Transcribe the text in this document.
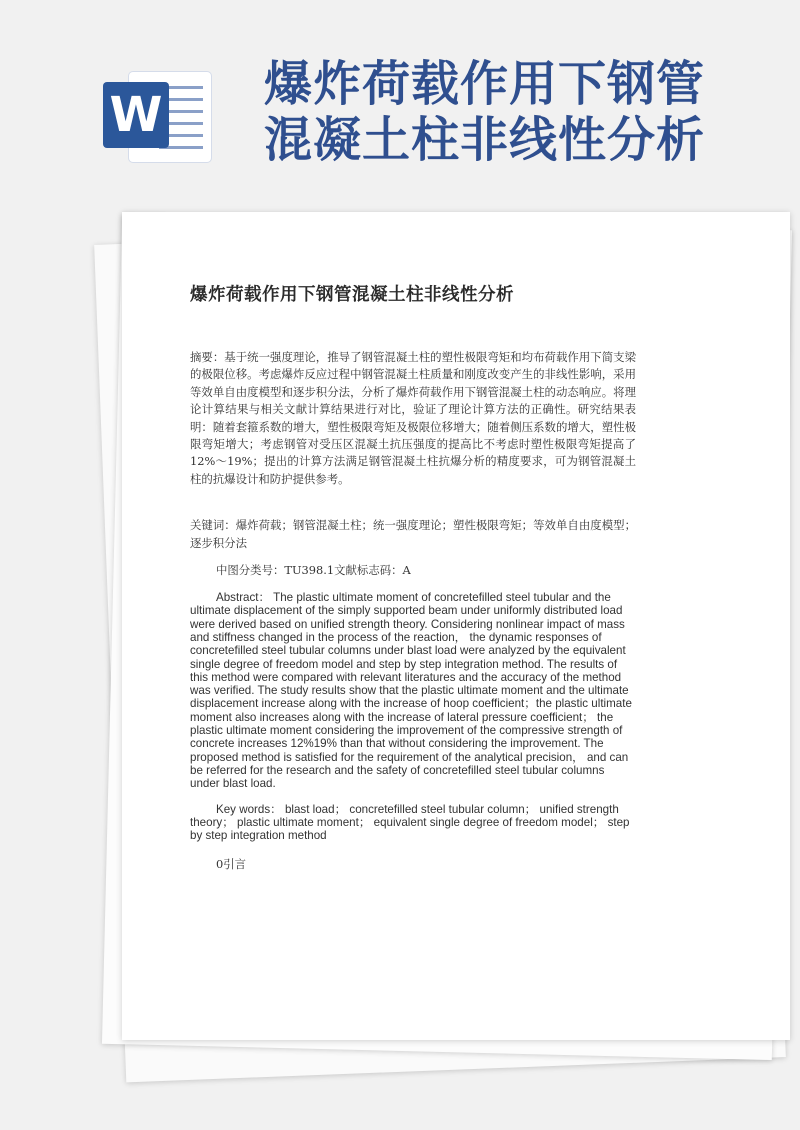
W
爆炸荷载作用下钢管混凝土柱非线性分析
爆炸荷载作用下钢管混凝土柱非线性分析

摘要：基于统一强度理论，推导了钢管混凝土柱的塑性极限弯矩和均布荷载作用下简支梁的极限位移。考虑爆炸反应过程中钢管混凝土柱质量和刚度改变产生的非线性影响，采用等效单自由度模型和逐步积分法，分析了爆炸荷载作用下钢管混凝土柱的动态响应。将理论计算结果与相关文献计算结果进行对比，验证了理论计算方法的正确性。研究结果表明：随着套箍系数的增大，塑性极限弯矩及极限位移增大；随着侧压系数的增大，塑性极限弯矩增大；考虑钢管对受压区混凝土抗压强度的提高比不考虑时塑性极限弯矩提高了12%～19%；提出的计算方法满足钢管混凝土柱抗爆分析的精度要求，可为钢管混凝土柱的抗爆设计和防护提供参考。

关键词：爆炸荷载；钢管混凝土柱；统一强度理论；塑性极限弯矩；等效单自由度模型；逐步积分法

中图分类号：TU398.1文献标志码：A

Abstract： The plastic ultimate moment of concretefilled steel tubular and the ultimate displacement of the simply supported beam under uniformly distributed load were derived based on unified strength theory. Considering nonlinear impact of mass and stiffness changed in the process of the reaction， the dynamic responses of concretefilled steel tubular columns under blast load were analyzed by the equivalent single degree of freedom model and step by step integration method. The results of this method were compared with relevant literatures and the accuracy of the method was verified. The study results show that the plastic ultimate moment and the ultimate displacement increase along with the increase of hoop coefficient；the plastic ultimate moment also increases along with the increase of lateral pressure coefficient； the plastic ultimate moment considering the improvement of the compressive strength of concrete increases 12%19% than that without considering the improvement. The proposed method is satisfied for the requirement of the analytical precision， and can be referred for the research and the safety of concretefilled steel tubular columns under blast load.

Key words： blast load； concretefilled steel tubular column； unified strength theory； plastic ultimate moment； equivalent single degree of freedom model； step by step integration method

0引言
